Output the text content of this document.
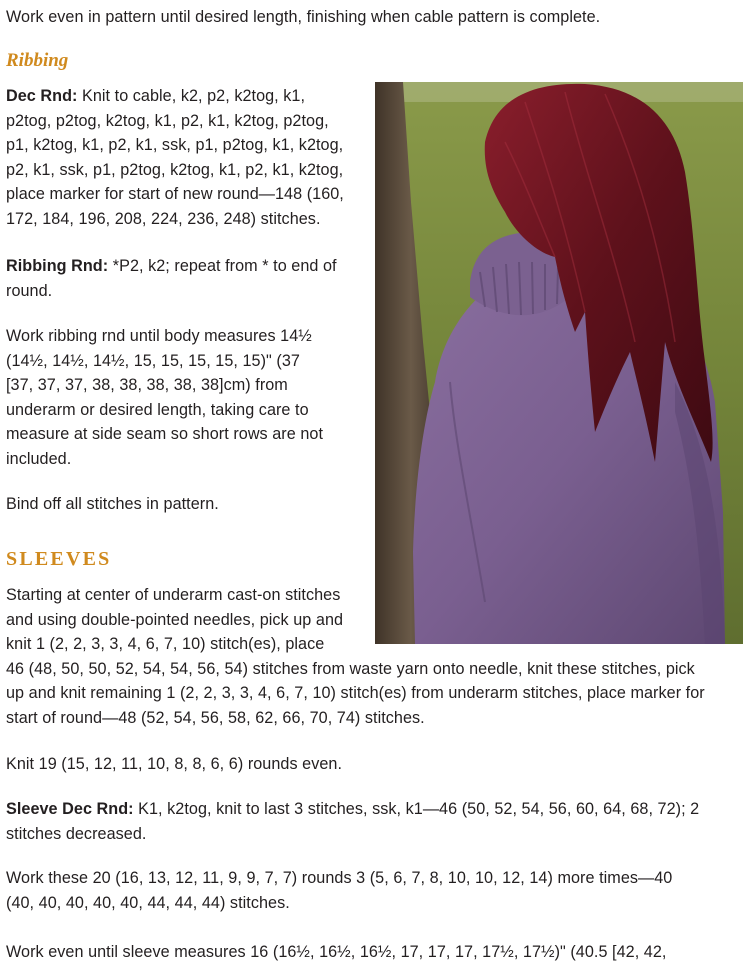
Work even in pattern until desired length, finishing when cable pattern is complete.

Ribbing
Dec Rnd: Knit to cable, k2, p2, k2tog, k1,
p2tog, p2tog, k2tog, k1, p2, k1, k2tog, p2tog,
p1, k2tog, k1, p2, k1, ssk, p1, p2tog, k1, k2tog,
p2, k1, ssk, p1, p2tog, k2tog, k1, p2, k1, k2tog,
place marker for start of new round—148 (160,
172, 184, 196, 208, 224, 236, 248) stitches.
Ribbing Rnd: *P2, k2; repeat from * to end of
round.
Work ribbing rnd until body measures 14½
(14½, 14½, 14½, 15, 15, 15, 15, 15)" (37
[37, 37, 37, 38, 38, 38, 38, 38]cm) from
underarm or desired length, taking care to
measure at side seam so short rows are not
included.

Bind off all stitches in pattern.

SLEEVES
Starting at center of underarm cast-on stitches
and using double-pointed needles, pick up and
knit 1 (2, 2, 3, 3, 4, 6, 7, 10) stitch(es), place
46 (48, 50, 50, 52, 54, 54, 56, 54) stitches from waste yarn onto needle, knit these stitches, pick
up and knit remaining 1 (2, 2, 3, 3, 4, 6, 7, 10) stitch(es) from underarm stitches, place marker for
start of round—48 (52, 54, 56, 58, 62, 66, 70, 74) stitches.

Knit 19 (15, 12, 11, 10, 8, 8, 6, 6) rounds even.

Sleeve Dec Rnd: K1, k2tog, knit to last 3 stitches, ssk, k1—46 (50, 52, 54, 56, 60, 64, 68, 72); 2
stitches decreased.
Work these 20 (16, 13, 12, 11, 9, 9, 7, 7) rounds 3 (5, 6, 7, 8, 10, 10, 12, 14) more times—40
(40, 40, 40, 40, 40, 44, 44, 44) stitches.

Work even until sleeve measures 16 (16½, 16½, 16½, 17, 17, 17, 17½, 17½)" (40.5 [42, 42,
